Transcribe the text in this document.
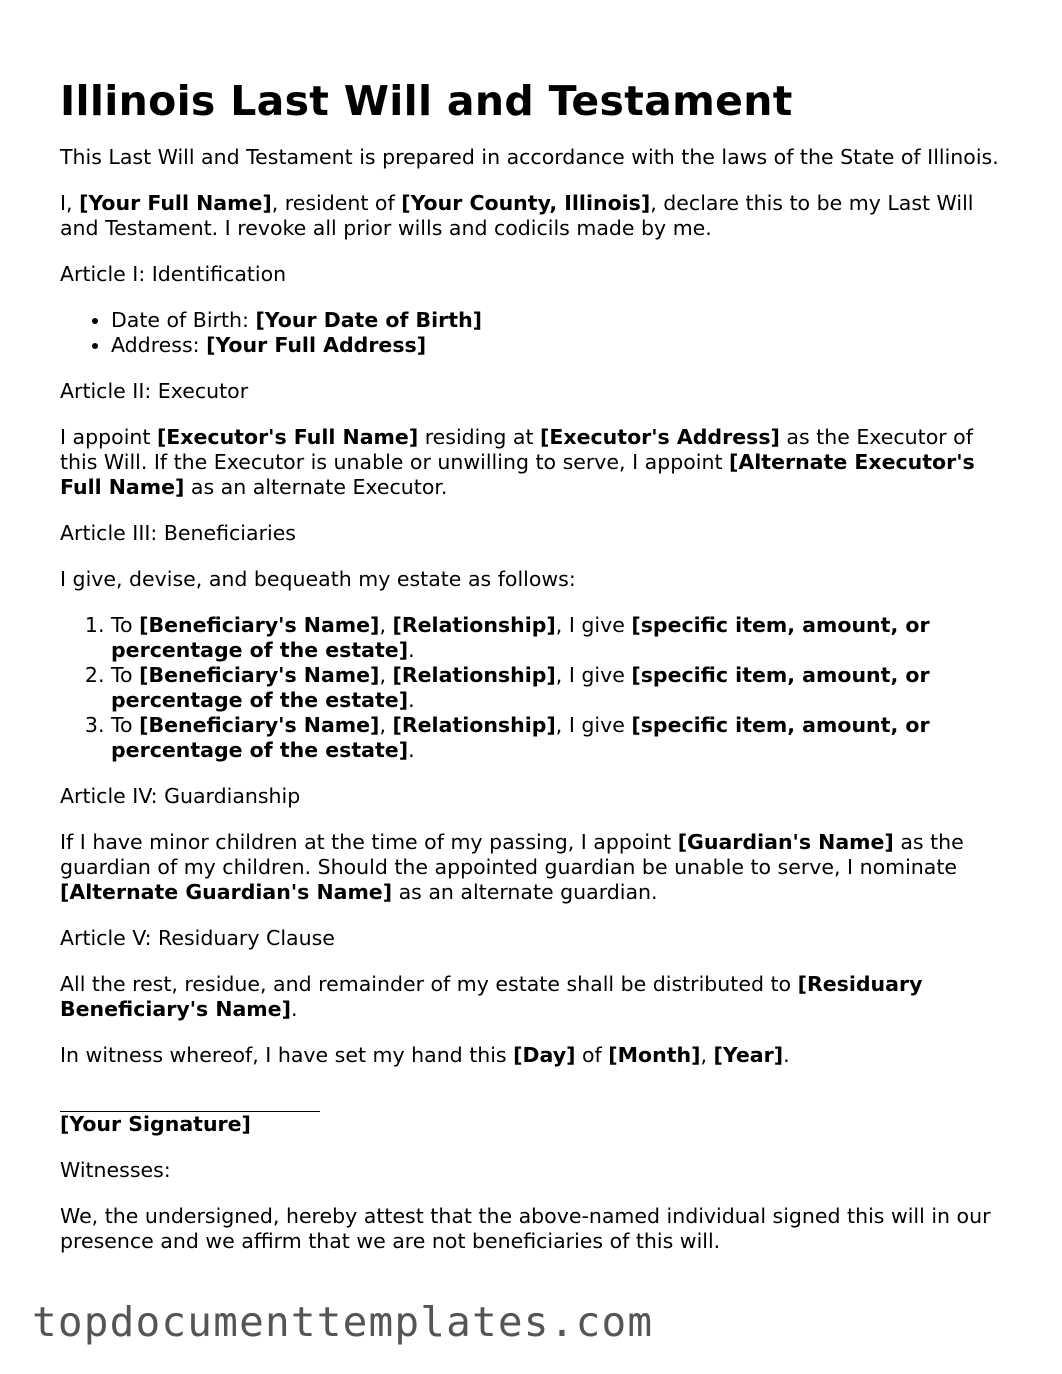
Illinois Last Will and Testament

This Last Will and Testament is prepared in accordance with the laws of the State of Illinois.

I, [Your Full Name], resident of [Your County, Illinois], declare this to be my Last Will and Testament. I revoke all prior wills and codicils made by me.

Article I: Identification

• Date of Birth: [Your Date of Birth]
• Address: [Your Full Address]

Article II: Executor

I appoint [Executor's Full Name] residing at [Executor's Address] as the Executor of this Will. If the Executor is unable or unwilling to serve, I appoint [Alternate Executor's Full Name] as an alternate Executor.

Article III: Beneficiaries

I give, devise, and bequeath my estate as follows:

1. To [Beneficiary's Name], [Relationship], I give [specific item, amount, or percentage of the estate].
2. To [Beneficiary's Name], [Relationship], I give [specific item, amount, or percentage of the estate].
3. To [Beneficiary's Name], [Relationship], I give [specific item, amount, or percentage of the estate].

Article IV: Guardianship

If I have minor children at the time of my passing, I appoint [Guardian's Name] as the guardian of my children. Should the appointed guardian be unable to serve, I nominate [Alternate Guardian's Name] as an alternate guardian.

Article V: Residuary Clause

All the rest, residue, and remainder of my estate shall be distributed to [Residuary Beneficiary's Name].

In witness whereof, I have set my hand this [Day] of [Month], [Year].

[Your Signature]

Witnesses:

We, the undersigned, hereby attest that the above-named individual signed this will in our presence and we affirm that we are not beneficiaries of this will.

topdocumenttemplates.com
